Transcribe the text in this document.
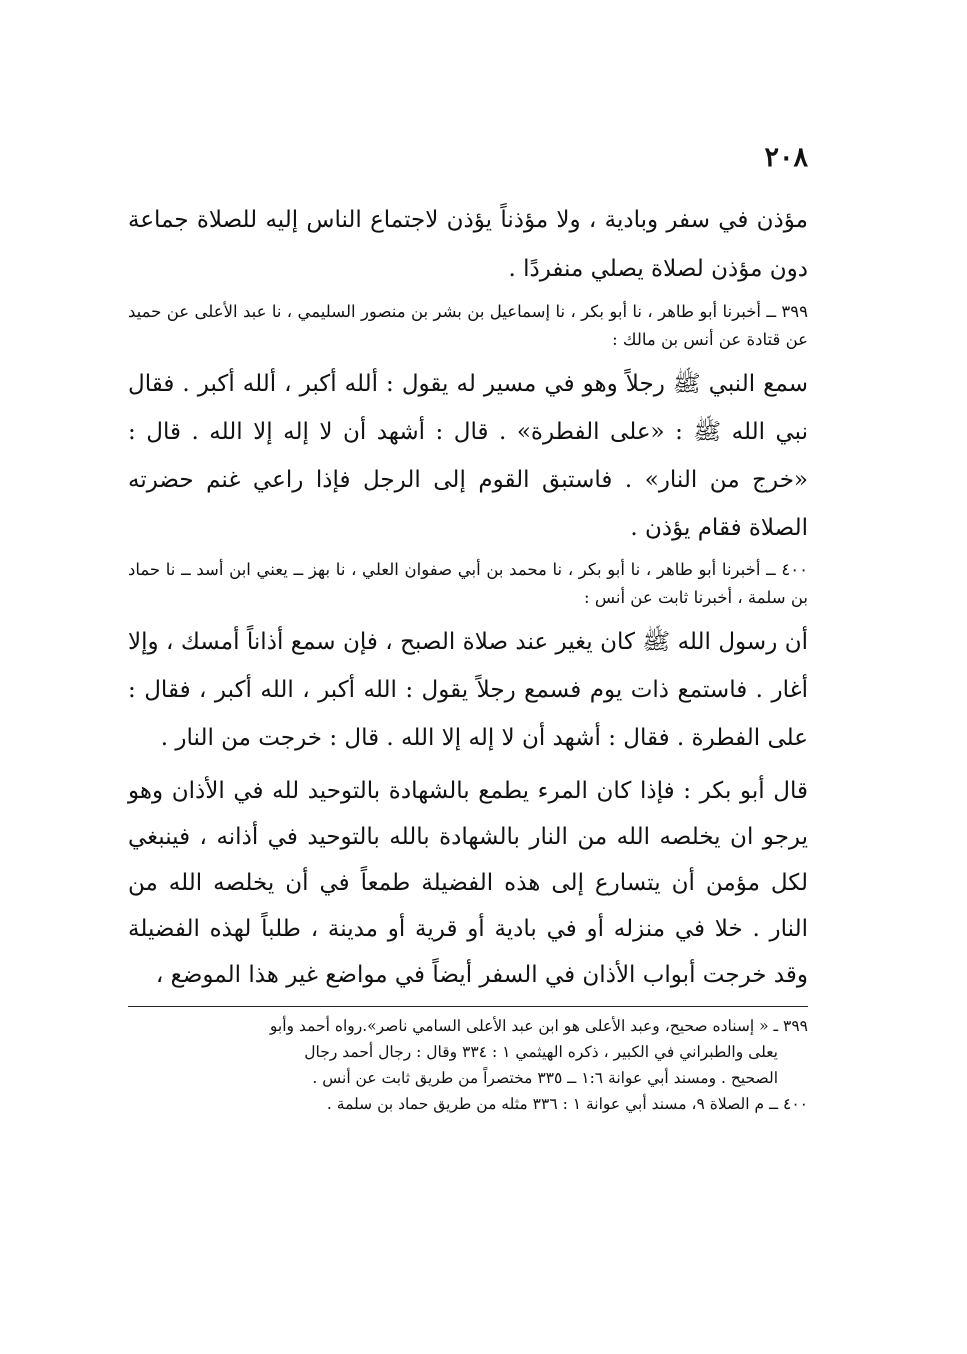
٢٠٨

مؤذن في سفر وبادية ، ولا مؤذناً يؤذن لاجتماع الناس إليه للصلاة جماعة دون مؤذن لصلاة يصلي منفردًا .

٣٩٩ ــ أخبرنا أبو طاهر ، نا أبو بكر ، نا إسماعيل بن بشر بن منصور السليمي ، نا عبد الأعلى عن حميد عن قتادة عن أنس بن مالك :

سمع النبي ﷺ رجلاً وهو في مسير له يقول : ألله أكبر ، ألله أكبر . فقال نبي الله ﷺ : «على الفطرة» . قال : أشهد أن لا إله إلا الله . قال : «خرج من النار» . فاستبق القوم إلى الرجل فإذا راعي غنم حضرته الصلاة فقام يؤذن .

٤٠٠ ــ أخبرنا أبو طاهر ، نا أبو بكر ، نا محمد بن أبي صفوان العلي ، نا بهز ــ يعني ابن أسد ــ نا حماد بن سلمة ، أخبرنا ثابت عن أنس :

أن رسول الله ﷺ كان يغير عند صلاة الصبح ، فإن سمع أذاناً أمسك ، وإلا أغار . فاستمع ذات يوم فسمع رجلاً يقول : الله أكبر ، الله أكبر ، فقال : على الفطرة . فقال : أشهد أن لا إله إلا الله . قال : خرجت من النار .

قال أبو بكر : فإذا كان المرء يطمع بالشهادة بالتوحيد لله في الأذان وهو يرجو ان يخلصه الله من النار بالشهادة بالله بالتوحيد في أذانه ، فينبغي لكل مؤمن أن يتسارع إلى هذه الفضيلة طمعاً في أن يخلصه الله من النار . خلا في منزله أو في بادية أو قرية أو مدينة ، طلباً لهذه الفضيلة وقد خرجت أبواب الأذان في السفر أيضاً في مواضع غير هذا الموضع ،

٣٩٩ ـ « إسناده صحيح، وعبد الأعلى هو ابن عبد الأعلى السامي ناصر».رواه أحمد وأبو

يعلى والطبراني في الكبير ، ذكره الهيثمي ١ : ٣٣٤ وقال : رجال أحمد رجال

الصحيح . ومسند أبي عوانة ١:٦ ــ ٣٣٥ مختصراً من طريق ثابت عن أنس .

٤٠٠ ــ م الصلاة ٩، مسند أبي عوانة ١ : ٣٣٦ مثله من طريق حماد بن سلمة .
